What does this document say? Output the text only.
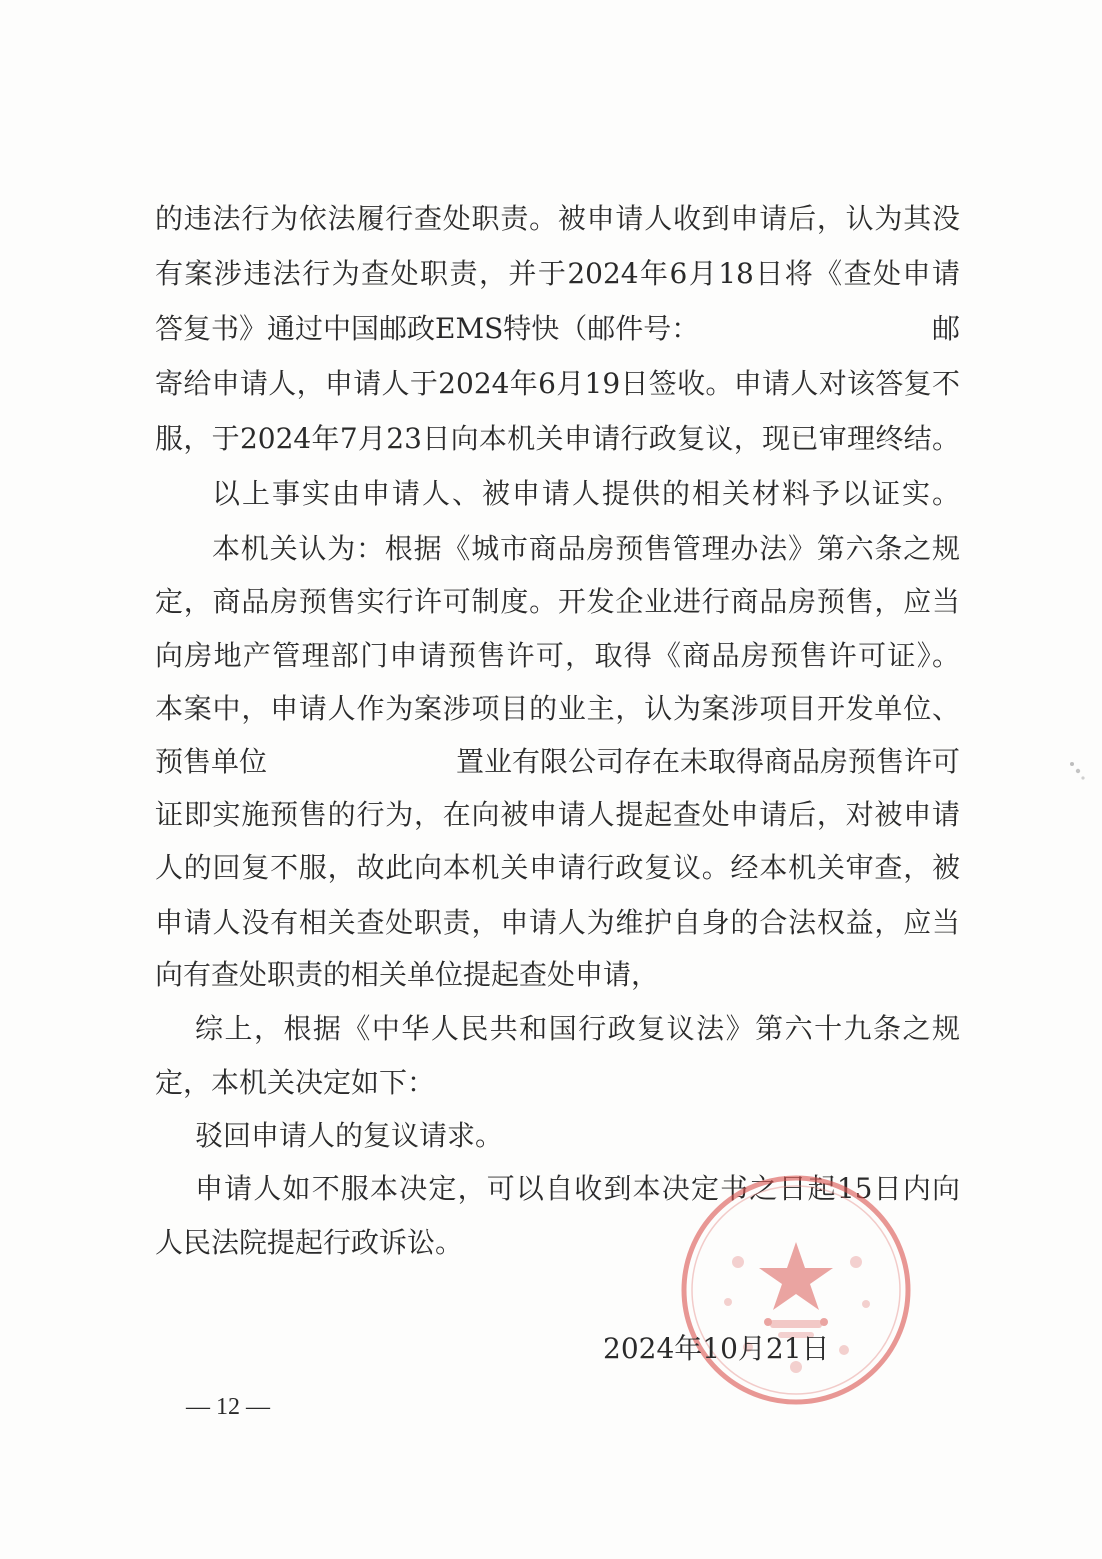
的违法行为依法履行查处职责。被申请人收到申请后，认为其没
有案涉违法行为查处职责，并于2024年6月18日将《查处申请
答复书》通过中国邮政EMS特快（邮件号：	邮
寄给申请人，申请人于2024年6月19日签收。申请人对该答复不
服，于2024年7月23日向本机关申请行政复议，现已审理终结。
以上事实由申请人、被申请人提供的相关材料予以证实。
本机关认为：根据《城市商品房预售管理办法》第六条之规
定，商品房预售实行许可制度。开发企业进行商品房预售，应当
向房地产管理部门申请预售许可，取得《商品房预售许可证》。
本案中，申请人作为案涉项目的业主，认为案涉项目开发单位、
预售单位	置业有限公司存在未取得商品房预售许可
证即实施预售的行为，在向被申请人提起查处申请后，对被申请
人的回复不服，故此向本机关申请行政复议。经本机关审查，被
申请人没有相关查处职责，申请人为维护自身的合法权益，应当
向有查处职责的相关单位提起查处申请，
综上，根据《中华人民共和国行政复议法》第六十九条之规
定，本机关决定如下：
驳回申请人的复议请求。
申请人如不服本决定，可以自收到本决定书之日起15日内向
人民法院提起行政诉讼。
2024年10月21日
— 12 —
